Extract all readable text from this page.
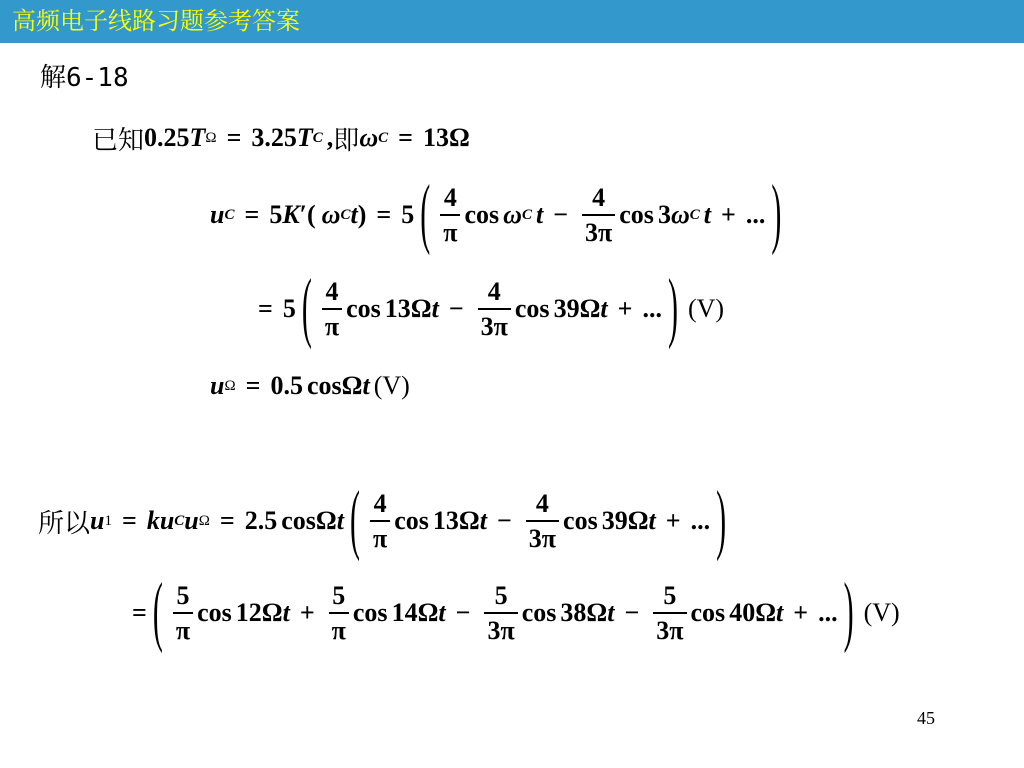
高频电子线路习题参考答案
解6-18
已知 0.25 T Ω = 3.25 T C , 即 ω C = 13 Ω
u C = 5 K ′( ω C t ) = 5 ( $\frac{4}{\pi}$ cos ω C $t - \frac{4}{3\pi}$ cos 3 ω C t + ... )
= 5 ( $\frac{4}{\pi}$ cos 13 Ω $t - \frac{4}{3\pi}$ cos 39 Ω t + ... ) (V)
u Ω = 0.5 cos Ω t (V)
所以 u 1 = ku C u Ω = 2.5 cos Ω t ( $\frac{4}{\pi}$ cos 13 Ω $t - \frac{4}{3\pi}$ cos 39 Ω t + ... )
= ( $\frac{5}{\pi}$ cos 12 Ω $t + \frac{5}{\pi}$ cos 14 Ω $t - \frac{5}{3\pi}$ cos 38 Ω $t - \frac{5}{3\pi}$ cos 40 Ω t + ... ) (V)
45
